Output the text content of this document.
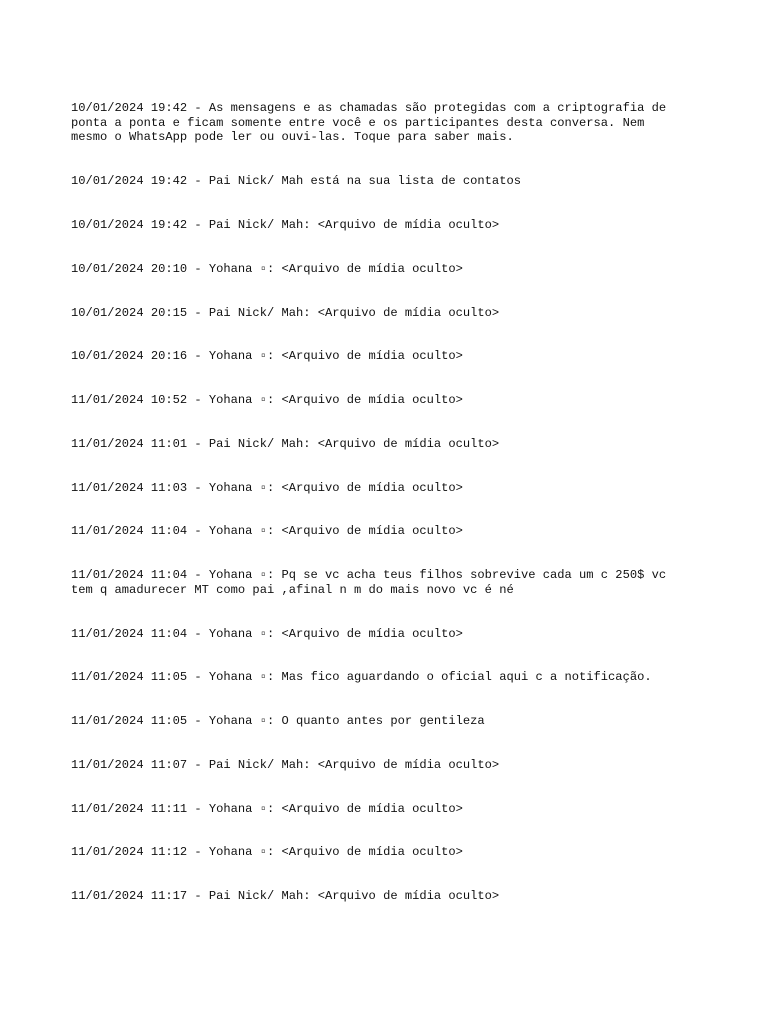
10/01/2024 19:42 - As mensagens e as chamadas são protegidas com a criptografia de
ponta a ponta e ficam somente entre você e os participantes desta conversa. Nem
mesmo o WhatsApp pode ler ou ouvi-las. Toque para saber mais.

10/01/2024 19:42 - Pai Nick/ Mah está na sua lista de contatos

10/01/2024 19:42 - Pai Nick/ Mah: <Arquivo de mídia oculto>

10/01/2024 20:10 - Yohana ▫: <Arquivo de mídia oculto>

10/01/2024 20:15 - Pai Nick/ Mah: <Arquivo de mídia oculto>

10/01/2024 20:16 - Yohana ▫: <Arquivo de mídia oculto>

11/01/2024 10:52 - Yohana ▫: <Arquivo de mídia oculto>

11/01/2024 11:01 - Pai Nick/ Mah: <Arquivo de mídia oculto>

11/01/2024 11:03 - Yohana ▫: <Arquivo de mídia oculto>

11/01/2024 11:04 - Yohana ▫: <Arquivo de mídia oculto>

11/01/2024 11:04 - Yohana ▫: Pq se vc acha teus filhos sobrevive cada um c 250$ vc
tem q amadurecer MT como pai ,afinal n m do mais novo vc é né

11/01/2024 11:04 - Yohana ▫: <Arquivo de mídia oculto>

11/01/2024 11:05 - Yohana ▫: Mas fico aguardando o oficial aqui c a notificação.

11/01/2024 11:05 - Yohana ▫: O quanto antes por gentileza

11/01/2024 11:07 - Pai Nick/ Mah: <Arquivo de mídia oculto>

11/01/2024 11:11 - Yohana ▫: <Arquivo de mídia oculto>

11/01/2024 11:12 - Yohana ▫: <Arquivo de mídia oculto>

11/01/2024 11:17 - Pai Nick/ Mah: <Arquivo de mídia oculto>
